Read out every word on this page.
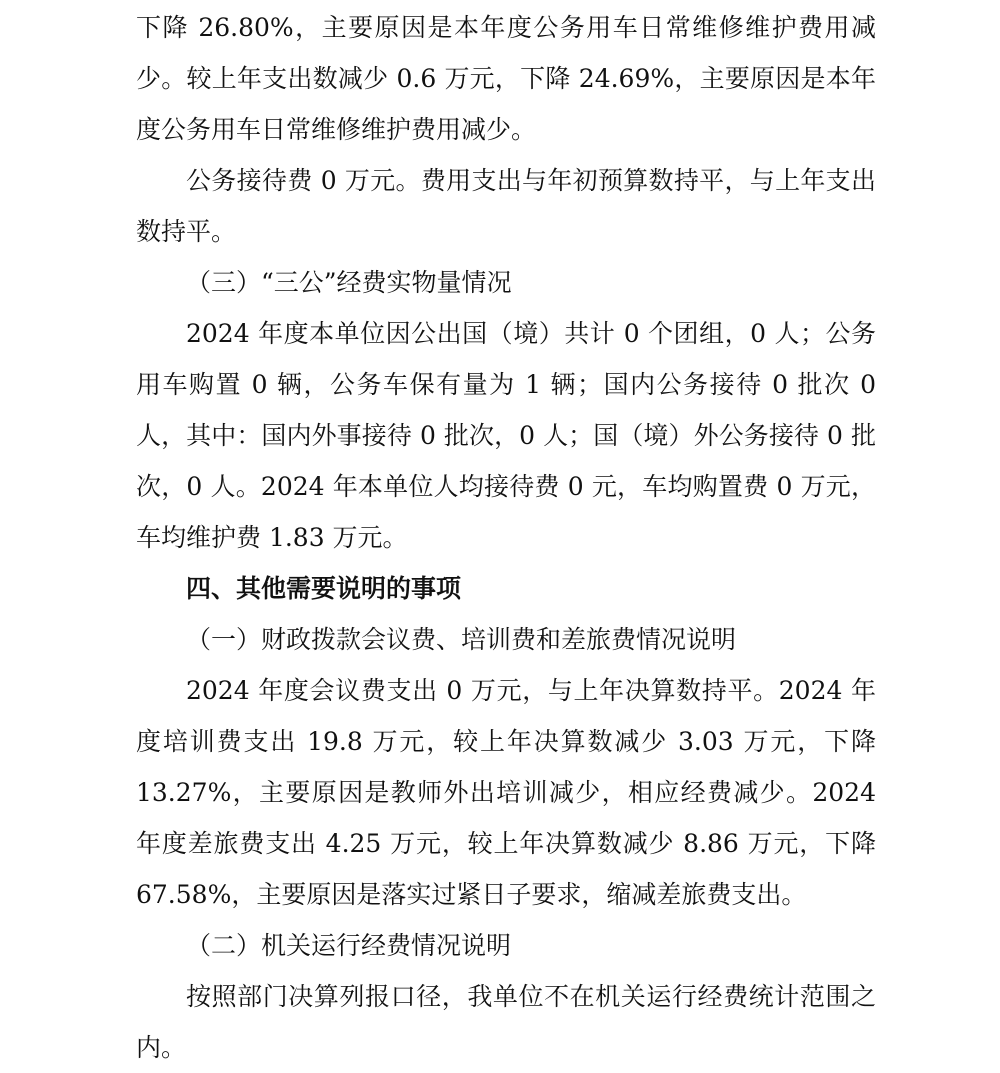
下降 26.80%，主要原因是本年度公务用车日常维修维护费用减少。较上年支出数减少 0.6 万元，下降 24.69%，主要原因是本年度公务用车日常维修维护费用减少。

公务接待费 0 万元。费用支出与年初预算数持平，与上年支出数持平。

（三）“三公”经费实物量情况

2024 年度本单位因公出国（境）共计 0 个团组，0 人；公务用车购置 0 辆，公务车保有量为 1 辆；国内公务接待 0 批次 0 人，其中：国内外事接待 0 批次，0 人；国（境）外公务接待 0 批次，0 人。2024 年本单位人均接待费 0 元，车均购置费 0 万元，车均维护费 1.83 万元。

四、其他需要说明的事项

（一）财政拨款会议费、培训费和差旅费情况说明

2024 年度会议费支出 0 万元，与上年决算数持平。2024 年度培训费支出 19.8 万元，较上年决算数减少 3.03 万元，下降 13.27%，主要原因是教师外出培训减少，相应经费减少。2024 年度差旅费支出 4.25 万元，较上年决算数减少 8.86 万元，下降 67.58%，主要原因是落实过紧日子要求，缩减差旅费支出。

（二）机关运行经费情况说明

按照部门决算列报口径，我单位不在机关运行经费统计范围之内。
